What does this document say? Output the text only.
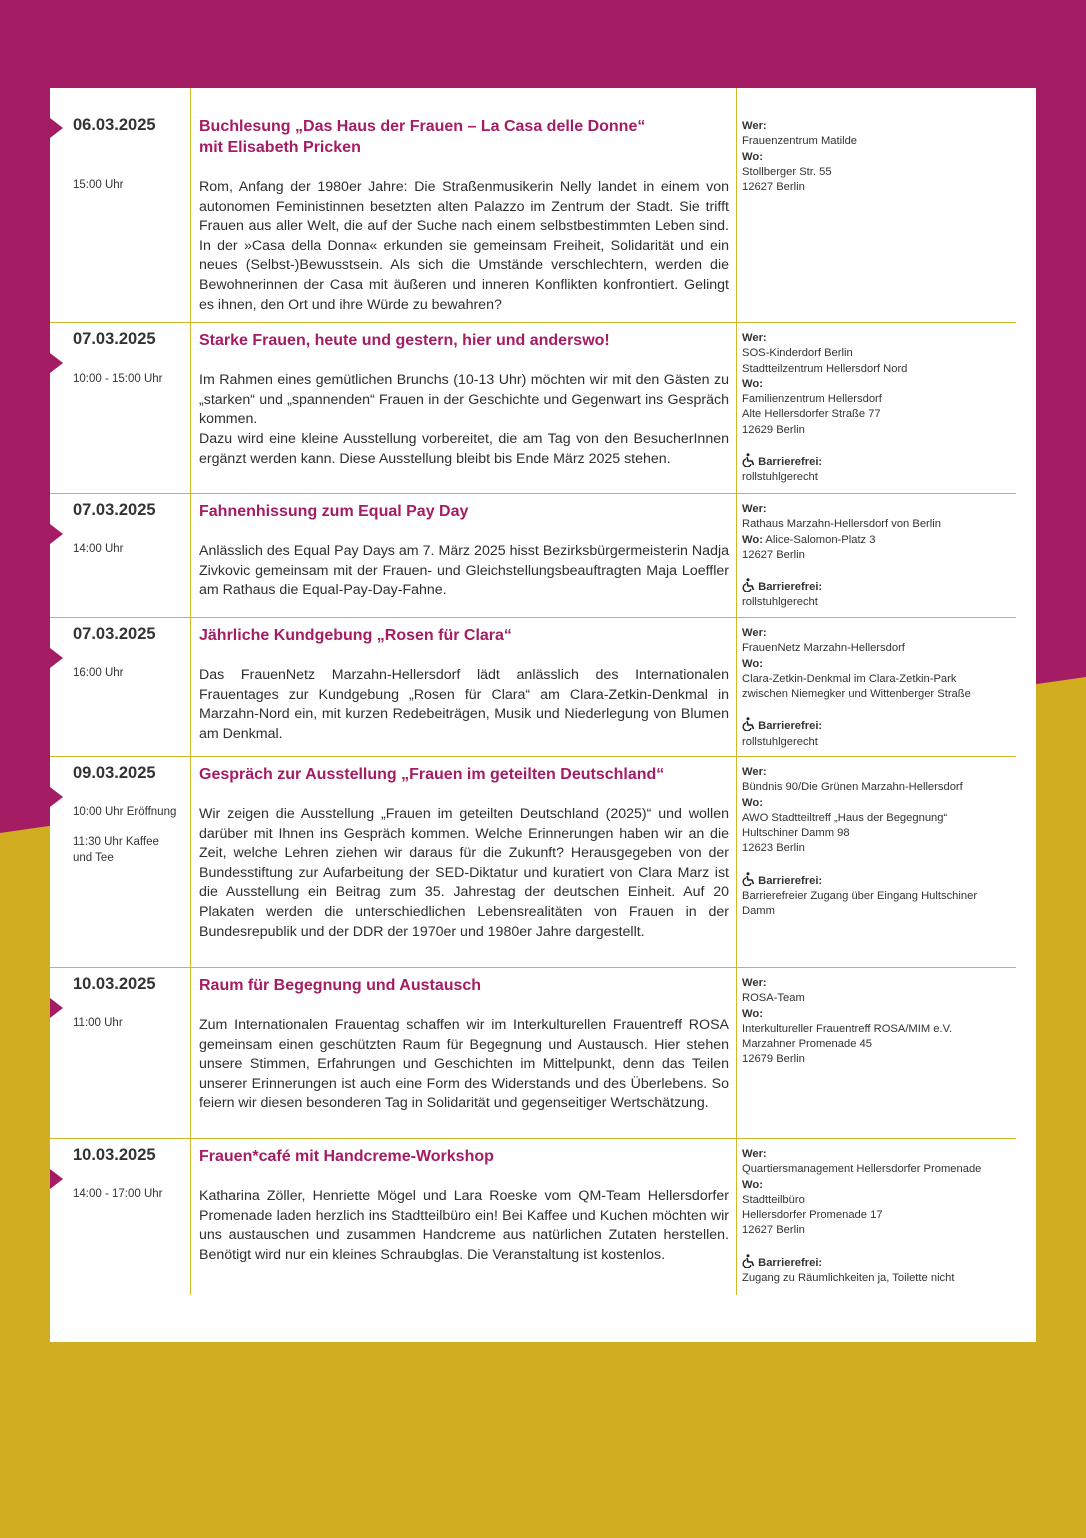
06.03.2025
15:00 Uhr
Buchlesung „Das Haus der Frauen – La Casa delle Donne“ mit Elisabeth Pricken
Rom, Anfang der 1980er Jahre: Die Straßenmusikerin Nelly landet in einem von autonomen Feministinnen besetzten alten Palazzo im Zentrum der Stadt. Sie trifft Frauen aus aller Welt, die auf der Suche nach einem selbstbestimmten Leben sind. In der »Casa della Donna« erkunden sie gemeinsam Freiheit, Solidarität und ein neues (Selbst-)Bewusstsein. Als sich die Umstände verschlechtern, werden die Bewohnerinnen der Casa mit äußeren und inneren Konflikten konfrontiert. Gelingt es ihnen, den Ort und ihre Würde zu bewahren?
Wer:
Frauenzentrum Matilde
Wo:
Stollberger Str. 55
12627 Berlin
07.03.2025
10:00 - 15:00 Uhr
Starke Frauen, heute und gestern, hier und anderswo!
Im Rahmen eines gemütlichen Brunchs (10-13 Uhr) möchten wir mit den Gästen zu „starken“ und „spannenden“ Frauen in der Geschichte und Gegenwart ins Gespräch kommen.
Dazu wird eine kleine Ausstellung vorbereitet, die am Tag von den BesucherInnen ergänzt werden kann. Diese Ausstellung bleibt bis Ende März 2025 stehen.
Wer:
SOS-Kinderdorf Berlin
Stadtteilzentrum Hellersdorf Nord
Wo:
Familienzentrum Hellersdorf
Alte Hellersdorfer Straße 77
12629 Berlin
Barrierefrei:
rollstuhlgerecht
07.03.2025
14:00 Uhr
Fahnenhissung zum Equal Pay Day
Anlässlich des Equal Pay Days am 7. März 2025 hisst Bezirksbürgermeisterin Nadja Zivkovic gemeinsam mit der Frauen- und Gleichstellungsbeauftragten Maja Loeffler am Rathaus die Equal-Pay-Day-Fahne.
Wer:
Rathaus Marzahn-Hellersdorf von Berlin
Wo: Alice-Salomon-Platz 3
12627 Berlin
Barrierefrei:
rollstuhlgerecht
07.03.2025
16:00 Uhr
Jährliche Kundgebung „Rosen für Clara“
Das FrauenNetz Marzahn-Hellersdorf lädt anlässlich des Internationalen Frauentages zur Kundgebung „Rosen für Clara“ am Clara-Zetkin-Denkmal in Marzahn-Nord ein, mit kurzen Redebeiträgen, Musik und Niederlegung von Blumen am Denkmal.
Wer:
FrauenNetz Marzahn-Hellersdorf
Wo:
Clara-Zetkin-Denkmal im Clara-Zetkin-Park
zwischen Niemegker und Wittenberger Straße
Barrierefrei:
rollstuhlgerecht
09.03.2025
10:00 Uhr Eröffnung
11:30 Uhr Kaffee und Tee
Gespräch zur Ausstellung „Frauen im geteilten Deutschland“
Wir zeigen die Ausstellung „Frauen im geteilten Deutschland (2025)“ und wollen darüber mit Ihnen ins Gespräch kommen. Welche Erinnerungen haben wir an die Zeit, welche Lehren ziehen wir daraus für die Zukunft? Herausgegeben von der Bundesstiftung zur Aufarbeitung der SED-Diktatur und kuratiert von Clara Marz ist die Ausstellung ein Beitrag zum 35. Jahrestag der deutschen Einheit. Auf 20 Plakaten werden die unterschiedlichen Lebensrealitäten von Frauen in der Bundesrepublik und der DDR der 1970er und 1980er Jahre dargestellt.
Wer:
Bündnis 90/Die Grünen Marzahn-Hellersdorf
Wo:
AWO Stadtteiltreff „Haus der Begegnung“
Hultschiner Damm 98
12623 Berlin
Barrierefrei:
Barrierefreier Zugang über Eingang Hultschiner Damm
10.03.2025
11:00 Uhr
Raum für Begegnung und Austausch
Zum Internationalen Frauentag schaffen wir im Interkulturellen Frauentreff ROSA gemeinsam einen geschützten Raum für Begegnung und Austausch. Hier stehen unsere Stimmen, Erfahrungen und Geschichten im Mittelpunkt, denn das Teilen unserer Erinnerungen ist auch eine Form des Widerstands und des Überlebens. So feiern wir diesen besonderen Tag in Solidarität und gegenseitiger Wertschätzung.
Wer:
ROSA-Team
Wo:
Interkultureller Frauentreff ROSA/MIM e.V.
Marzahner Promenade 45
12679 Berlin
10.03.2025
14:00 - 17:00 Uhr
Frauen*café mit Handcreme-Workshop
Katharina Zöller, Henriette Mögel und Lara Roeske vom QM-Team Hellersdorfer Promenade laden herzlich ins Stadtteilbüro ein! Bei Kaffee und Kuchen möchten wir uns austauschen und zusammen Handcreme aus natürlichen Zutaten herstellen. Benötigt wird nur ein kleines Schraubglas. Die Veranstaltung ist kostenlos.
Wer:
Quartiersmanagement Hellersdorfer Promenade
Wo:
Stadtteilbüro
Hellersdorfer Promenade 17
12627 Berlin
Barrierefrei:
Zugang zu Räumlichkeiten ja, Toilette nicht
